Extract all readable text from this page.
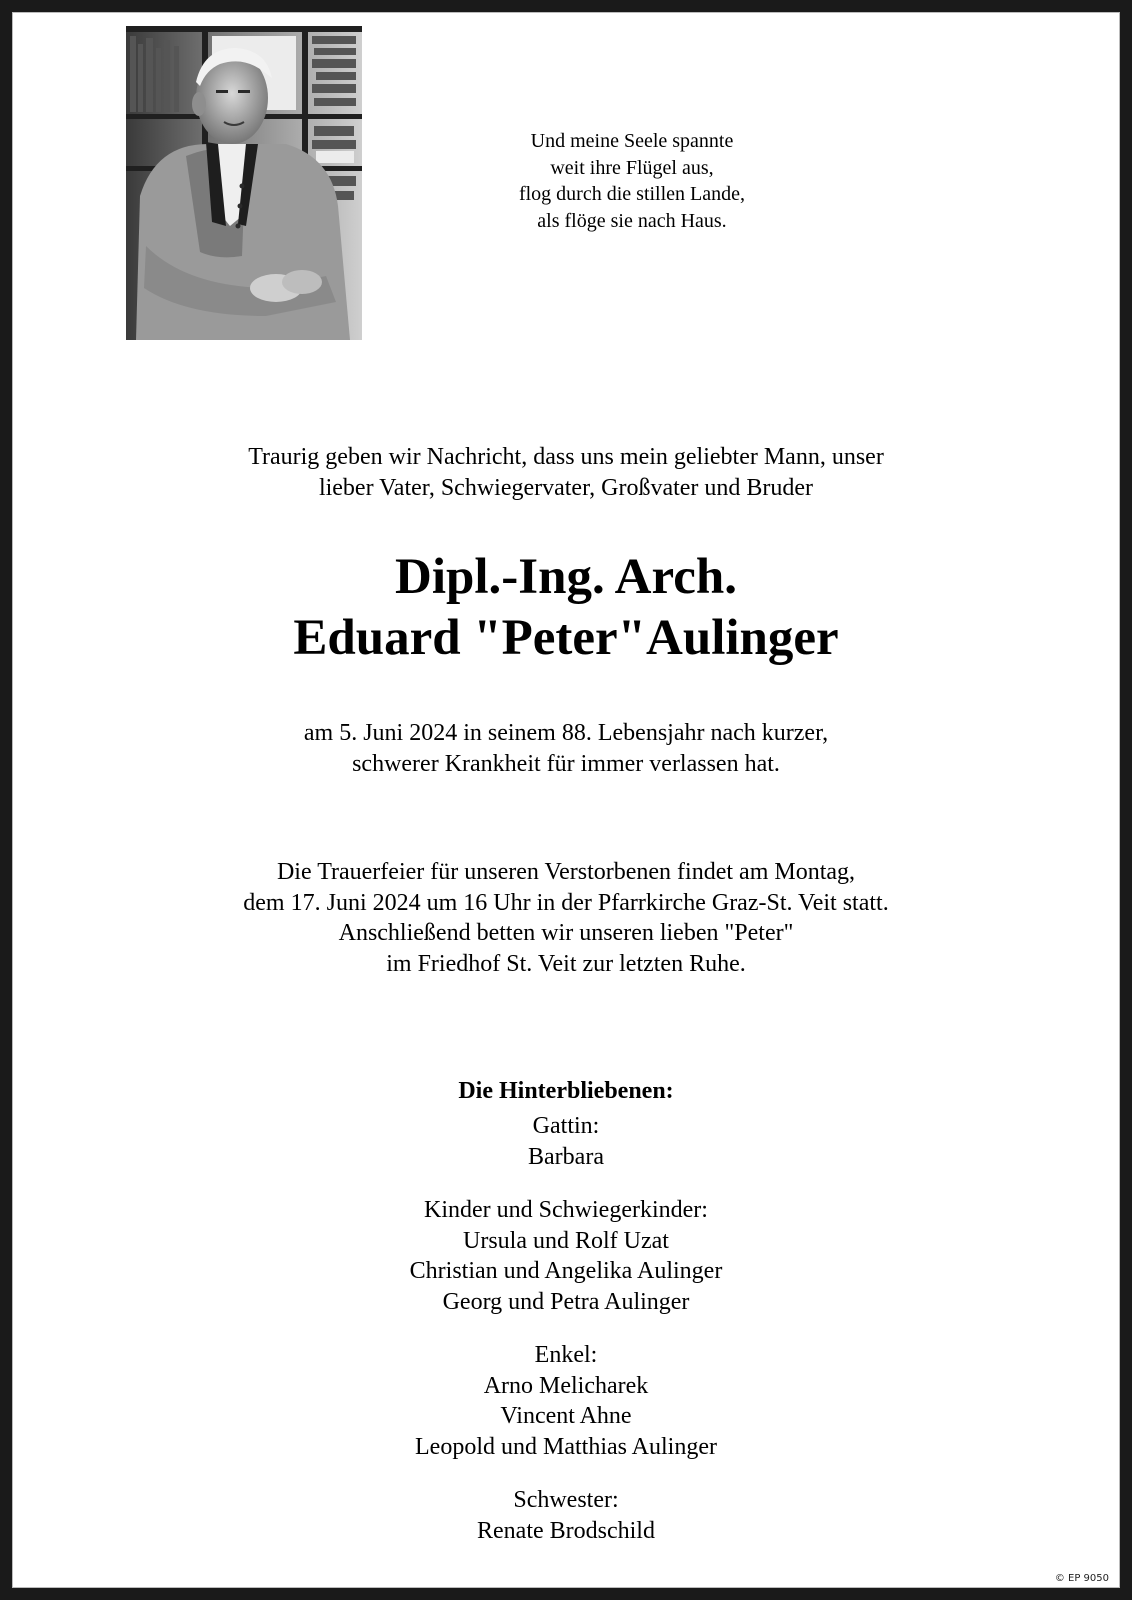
Und meine Seele spannte
weit ihre Flügel aus,
flog durch die stillen Lande,
als flöge sie nach Haus.
Traurig geben wir Nachricht, dass uns mein geliebter Mann, unser
lieber Vater, Schwiegervater, Großvater und Bruder
Dipl.-Ing. Arch.
Eduard "Peter"Aulinger
am 5. Juni 2024 in seinem 88. Lebensjahr nach kurzer,
schwerer Krankheit für immer verlassen hat.
Die Trauerfeier für unseren Verstorbenen findet am Montag,
dem 17. Juni 2024 um 16 Uhr in der Pfarrkirche Graz-St. Veit statt.
Anschließend betten wir unseren lieben "Peter"
im Friedhof St. Veit zur letzten Ruhe.
Die Hinterbliebenen:
Gattin:
Barbara
Kinder und Schwiegerkinder:
Ursula und Rolf Uzat
Christian und Angelika Aulinger
Georg und Petra Aulinger
Enkel:
Arno Melicharek
Vincent Ahne
Leopold und Matthias Aulinger
Schwester:
Renate Brodschild
© EP 9050
